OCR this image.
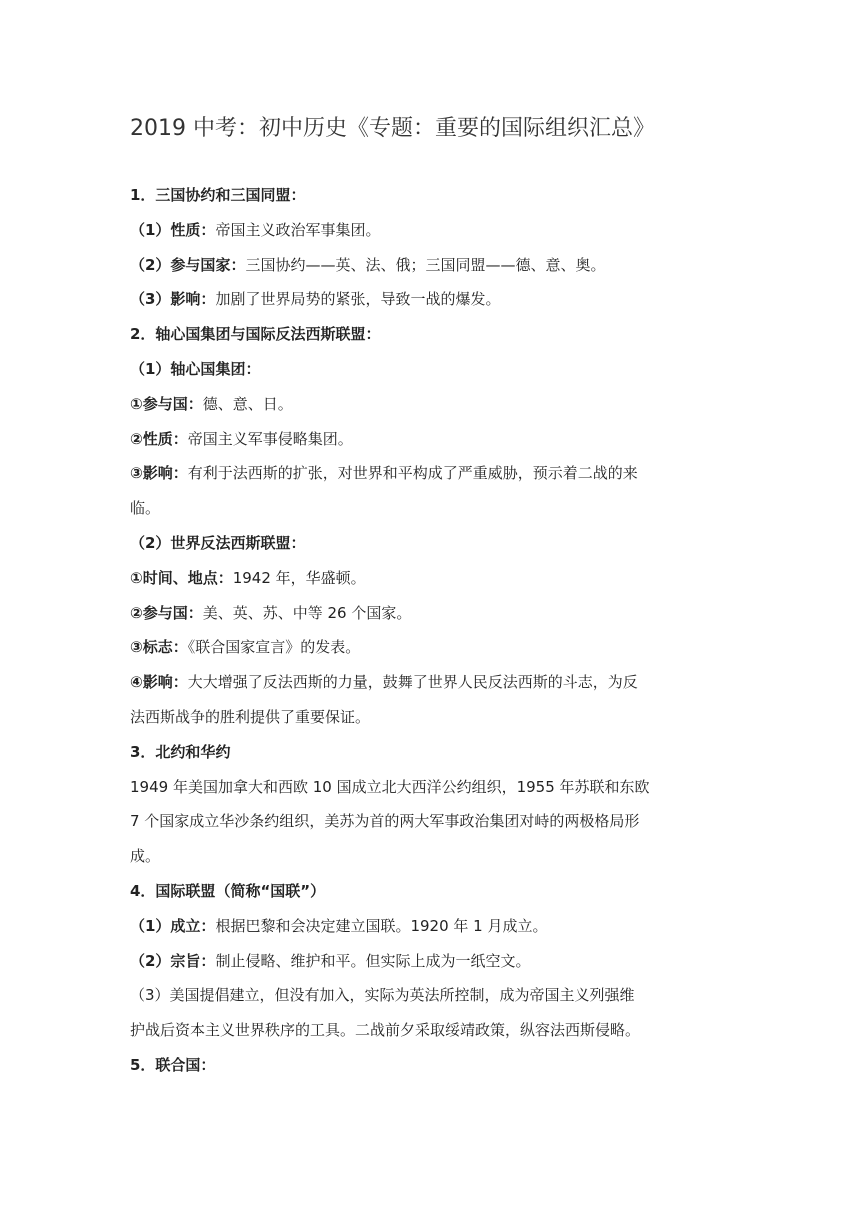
2019 中考：初中历史《专题：重要的国际组织汇总》
1．三国协约和三国同盟：
（1）性质：帝国主义政治军事集团。
（2）参与国家：三国协约——英、法、俄；三国同盟——德、意、奥。
（3）影响：加剧了世界局势的紧张，导致一战的爆发。
2．轴心国集团与国际反法西斯联盟：
（1）轴心国集团：
①参与国：德、意、日。
②性质：帝国主义军事侵略集团。
③影响：有利于法西斯的扩张，对世界和平构成了严重威胁，预示着二战的来
临。
（2）世界反法西斯联盟：
①时间、地点：1942 年，华盛顿。
②参与国：美、英、苏、中等 26 个国家。
③标志：《联合国家宣言》的发表。
④影响：大大增强了反法西斯的力量，鼓舞了世界人民反法西斯的斗志，为反
法西斯战争的胜利提供了重要保证。
3．北约和华约
1949 年美国加拿大和西欧 10 国成立北大西洋公约组织，1955 年苏联和东欧
7 个国家成立华沙条约组织，美苏为首的两大军事政治集团对峙的两极格局形
成。
4．国际联盟（简称“国联”）
（1）成立：根据巴黎和会决定建立国联。1920 年 1 月成立。
（2）宗旨：制止侵略、维护和平。但实际上成为一纸空文。
（3）美国提倡建立，但没有加入，实际为英法所控制，成为帝国主义列强维
护战后资本主义世界秩序的工具。二战前夕采取绥靖政策，纵容法西斯侵略。
5．联合国：
